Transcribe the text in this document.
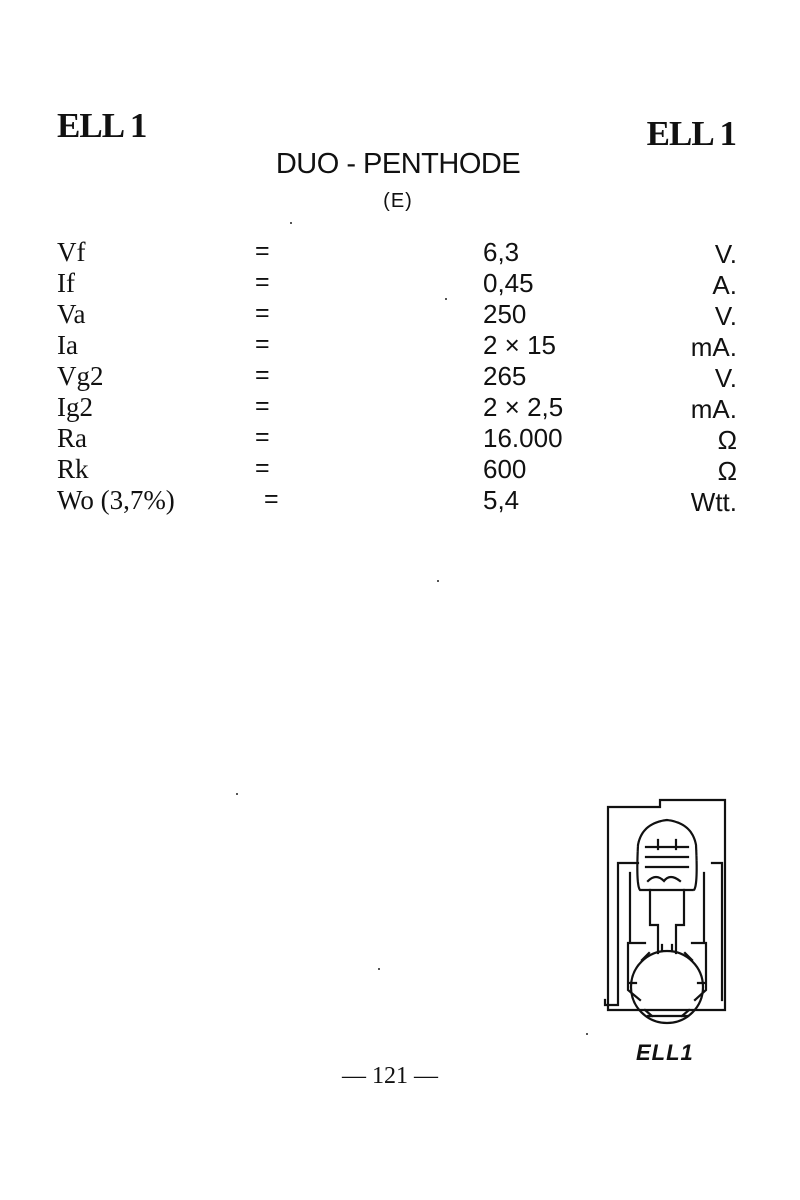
ELL 1	ELL 1
DUO - PENTHODE
(E)
Vf	=	6,3	V.
If	=	0,45	A.
Va	=	250	V.
Ia	=	2 × 15	mA.
Vg2	=	265	V.
Ig2	=	2 × 2,5	mA.
Ra	=	16.000	Ω
Rk	=	600	Ω
Wo (3,7%)	=	5,4	Wtt.
ELL1
— 121 —
